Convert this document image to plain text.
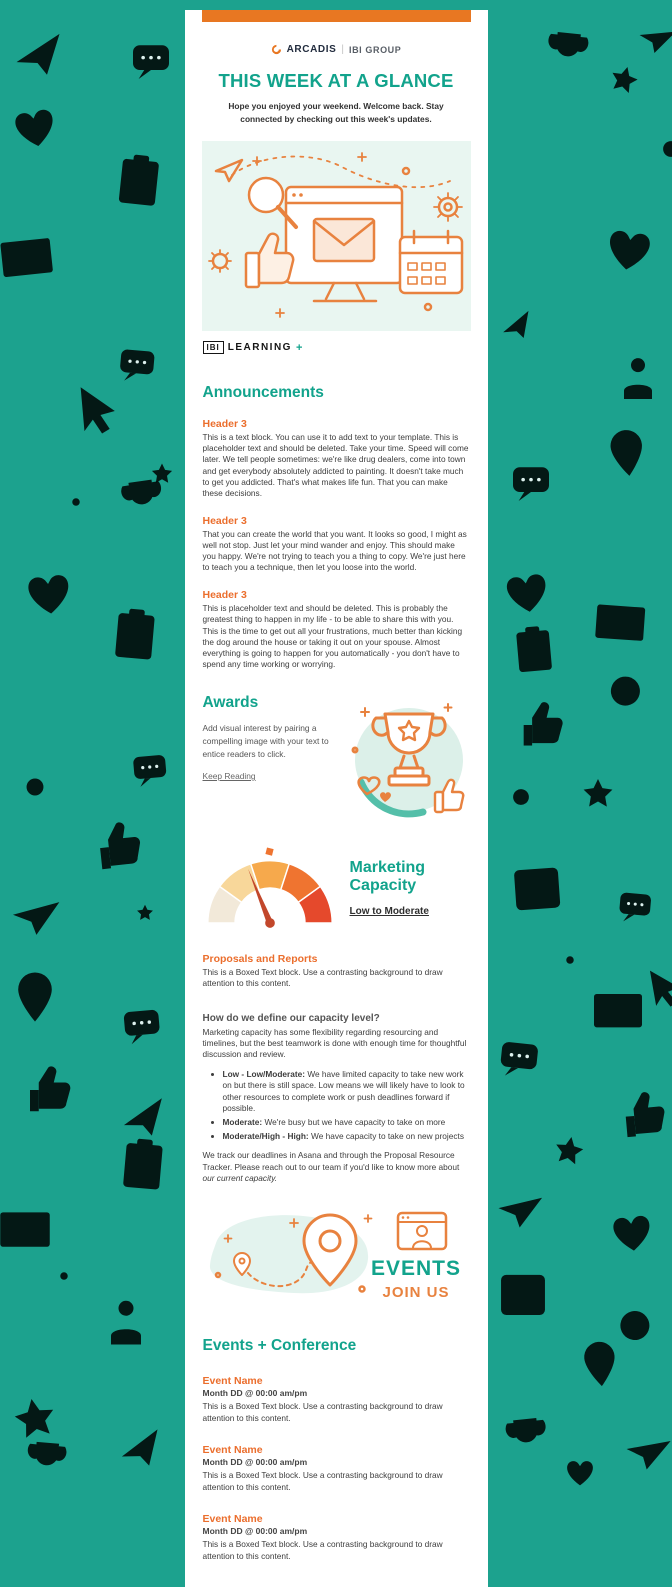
ARCADIS | IBI GROUP
THIS WEEK AT A GLANCE

Hope you enjoyed your weekend. Welcome back. Stay connected by checking out this week's updates.

IBI LEARNING +
Announcements
Header 3
This is a text block. You can use it to add text to your template. This is placeholder text and should be deleted. Take your time. Speed will come later. We tell people sometimes: we're like drug dealers, come into town and get everybody absolutely addicted to painting. It doesn't take much to get you addicted. That's what makes life fun. That you can make these decisions.
Header 3
That you can create the world that you want. It looks so good, I might as well not stop. Just let your mind wander and enjoy. This should make you happy. We're not trying to teach you a thing to copy. We're just here to teach you a technique, then let you loose into the world.
Header 3
This is placeholder text and should be deleted. This is probably the greatest thing to happen in my life - to be able to share this with you. This is the time to get out all your frustrations, much better than kicking the dog around the house or taking it out on your spouse. Almost everything is going to happen for you automatically - you don't have to spend any time working or worrying.
Awards
Add visual interest by pairing a compelling image with your text to entice readers to click.
Keep Reading
Marketing
Capacity
Low to Moderate
Proposals and Reports
This is a Boxed Text block. Use a contrasting background to draw attention to this content.
How do we define our capacity level?
Marketing capacity has some flexibility regarding resourcing and timelines, but the best teamwork is done with enough time for thoughtful discussion and review.
• Low - Low/Moderate: We have limited capacity to take new work on but there is still space. Low means we will likely have to look to other resources to complete work or push deadlines forward if possible.
• Moderate: We're busy but we have capacity to take on more
• Moderate/High - High: We have capacity to take on new projects
We track our deadlines in Asana and through the Proposal Resource Tracker. Please reach out to our team if you'd like to know more about our current capacity.
EVENTS
JOIN US
Events + Conference
Event Name
Month DD @ 00:00 am/pm
This is a Boxed Text block. Use a contrasting background to draw attention to this content.
Event Name
Month DD @ 00:00 am/pm
This is a Boxed Text block. Use a contrasting background to draw attention to this content.
Event Name
Month DD @ 00:00 am/pm
This is a Boxed Text block. Use a contrasting background to draw attention to this content.
